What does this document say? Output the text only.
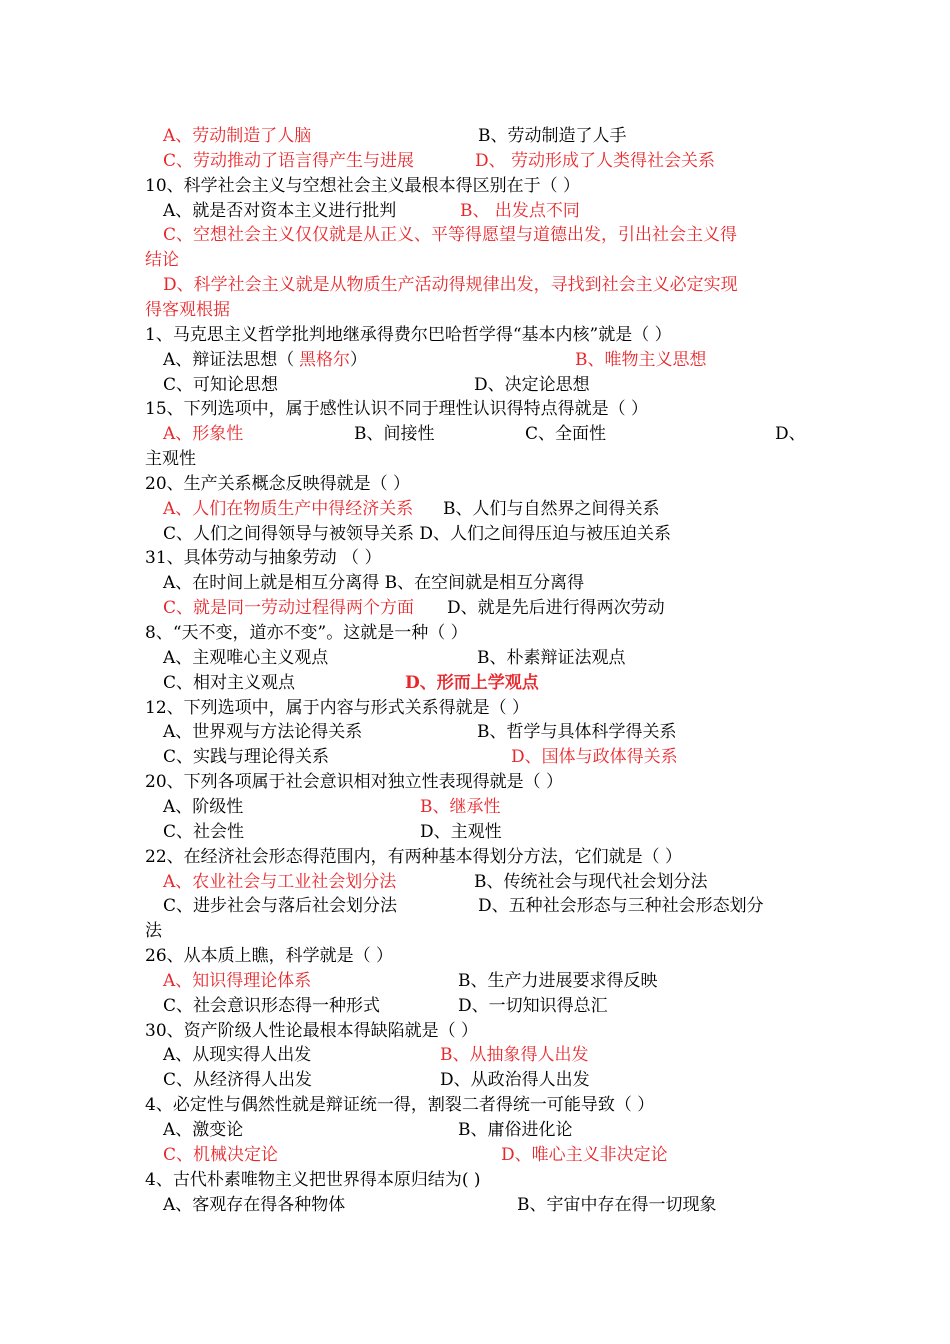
A、劳动制造了人脑	B、劳动制造了人手
C、劳动推动了语言得产生与进展	D、 劳动形成了人类得社会关系
10、科学社会主义与空想社会主义最根本得区别在于（ ）
A、就是否对资本主义进行批判	B、 出发点不同
C、空想社会主义仅仅就是从正义、平等得愿望与道德出发，引出社会主义得
结论
D、科学社会主义就是从物质生产活动得规律出发，寻找到社会主义必定实现
得客观根据
1、马克思主义哲学批判地继承得费尔巴哈哲学得“基本内核”就是（ ）
A、辩证法思想（ 黑格尔 ）	B、唯物主义思想
C、可知论思想	D、决定论思想
15、下列选项中，属于感性认识不同于理性认识得特点得就是（ ）
A、形象性	B、间接性	C、全面性	D、
主观性
20、生产关系概念反映得就是（ ）
A、人们在物质生产中得经济关系 B、人们与自然界之间得关系
C、人们之间得领导与被领导关系 D、人们之间得压迫与被压迫关系
31、具体劳动与抽象劳动 （ ）
A、在时间上就是相互分离得 B、在空间就是相互分离得
C、就是同一劳动过程得两个方面 D、就是先后进行得两次劳动
8、“天不变，道亦不变”。这就是一种（ ）
A、主观唯心主义观点	B、朴素辩证法观点
C、相对主义观点	D、形而上学观点
12、下列选项中，属于内容与形式关系得就是（ ）
A、世界观与方法论得关系	B、哲学与具体科学得关系
C、实践与理论得关系	D、国体与政体得关系
20、下列各项属于社会意识相对独立性表现得就是（ ）
A、阶级性	B、继承性
C、社会性	D、主观性
22、在经济社会形态得范围内，有两种基本得划分方法，它们就是（ ）
A、农业社会与工业社会划分法	B、传统社会与现代社会划分法
C、进步社会与落后社会划分法	D、五种社会形态与三种社会形态划分
法
26、从本质上瞧，科学就是（ ）
A、知识得理论体系	B、生产力进展要求得反映
C、社会意识形态得一种形式	D、一切知识得总汇
30、资产阶级人性论最根本得缺陷就是（ ）
A、从现实得人出发	B、从抽象得人出发
C、从经济得人出发	D、从政治得人出发
4、必定性与偶然性就是辩证统一得，割裂二者得统一可能导致（ ）
A、激变论	B、庸俗进化论
C、机械决定论	D、唯心主义非决定论
4、古代朴素唯物主义把世界得本原归结为( )
A、客观存在得各种物体	B、宇宙中存在得一切现象
